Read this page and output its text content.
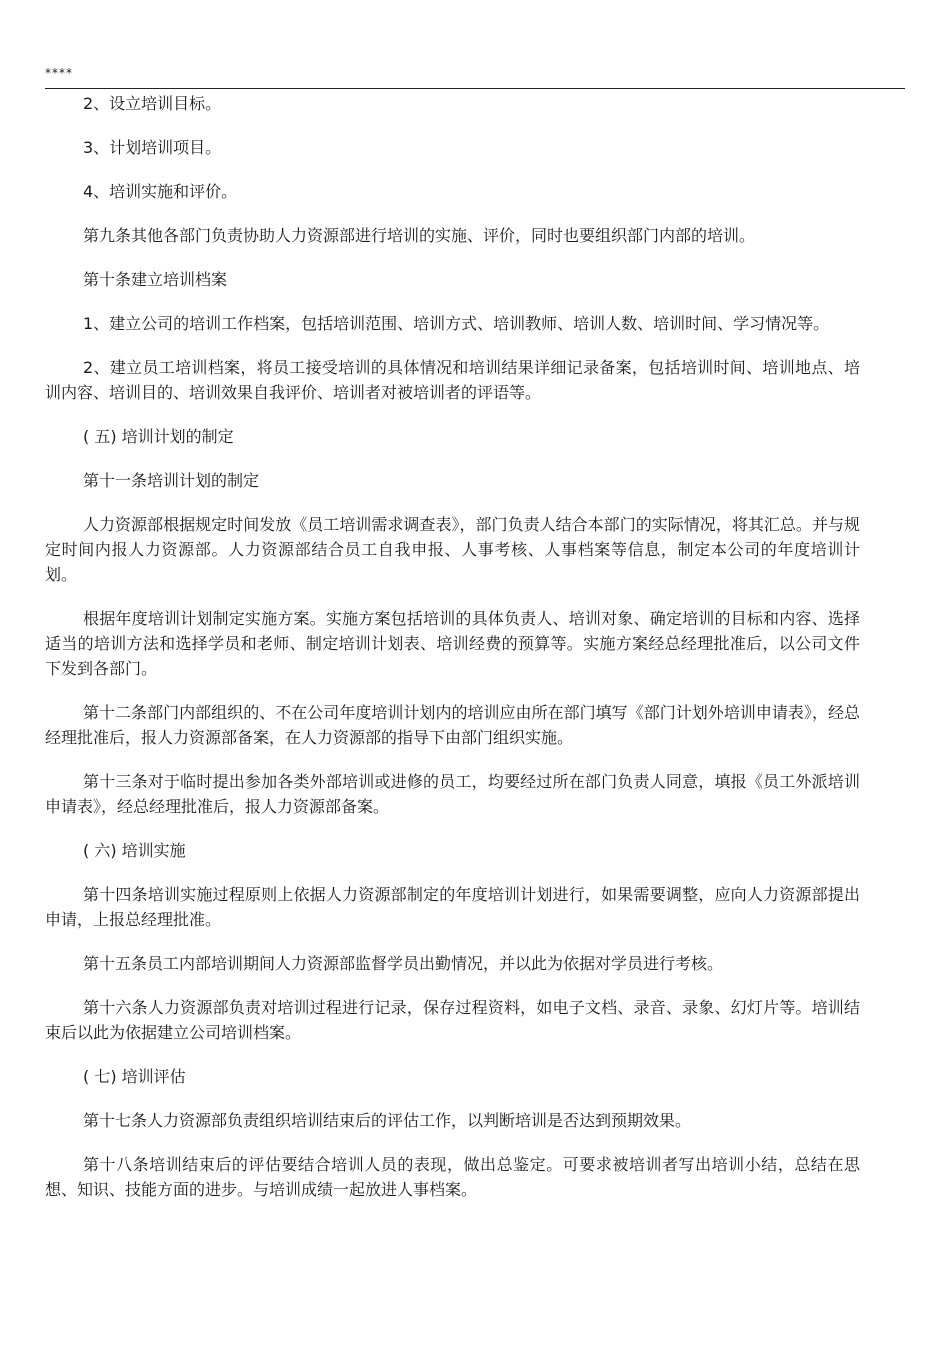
****

2、设立培训目标。

3、计划培训项目。

4、培训实施和评价。

第九条其他各部门负责协助人力资源部进行培训的实施、评价，同时也要组织部门内部的培训。

第十条建立培训档案

1、建立公司的培训工作档案，包括培训范围、培训方式、培训教师、培训人数、培训时间、学习情况等。

2、建立员工培训档案，将员工接受培训的具体情况和培训结果详细记录备案，包括培训时间、培训地点、培训内容、培训目的、培训效果自我评价、培训者对被培训者的评语等。

( 五) 培训计划的制定

第十一条培训计划的制定

人力资源部根据规定时间发放《员工培训需求调查表》，部门负责人结合本部门的实际情况，将其汇总。并与规定时间内报人力资源部。人力资源部结合员工自我申报、人事考核、人事档案等信息，制定本公司的年度培训计划。

根据年度培训计划制定实施方案。实施方案包括培训的具体负责人、培训对象、确定培训的目标和内容、选择适当的培训方法和选择学员和老师、制定培训计划表、培训经费的预算等。实施方案经总经理批准后，以公司文件下发到各部门。

第十二条部门内部组织的、不在公司年度培训计划内的培训应由所在部门填写《部门计划外培训申请表》，经总经理批准后，报人力资源部备案，在人力资源部的指导下由部门组织实施。

第十三条对于临时提出参加各类外部培训或进修的员工，均要经过所在部门负责人同意，填报《员工外派培训申请表》，经总经理批准后，报人力资源部备案。

( 六) 培训实施

第十四条培训实施过程原则上依据人力资源部制定的年度培训计划进行，如果需要调整，应向人力资源部提出申请，上报总经理批准。

第十五条员工内部培训期间人力资源部监督学员出勤情况，并以此为依据对学员进行考核。

第十六条人力资源部负责对培训过程进行记录，保存过程资料，如电子文档、录音、录象、幻灯片等。培训结束后以此为依据建立公司培训档案。

( 七) 培训评估

第十七条人力资源部负责组织培训结束后的评估工作，以判断培训是否达到预期效果。

第十八条培训结束后的评估要结合培训人员的表现，做出总鉴定。可要求被培训者写出培训小结，总结在思想、知识、技能方面的进步。与培训成绩一起放进人事档案。
